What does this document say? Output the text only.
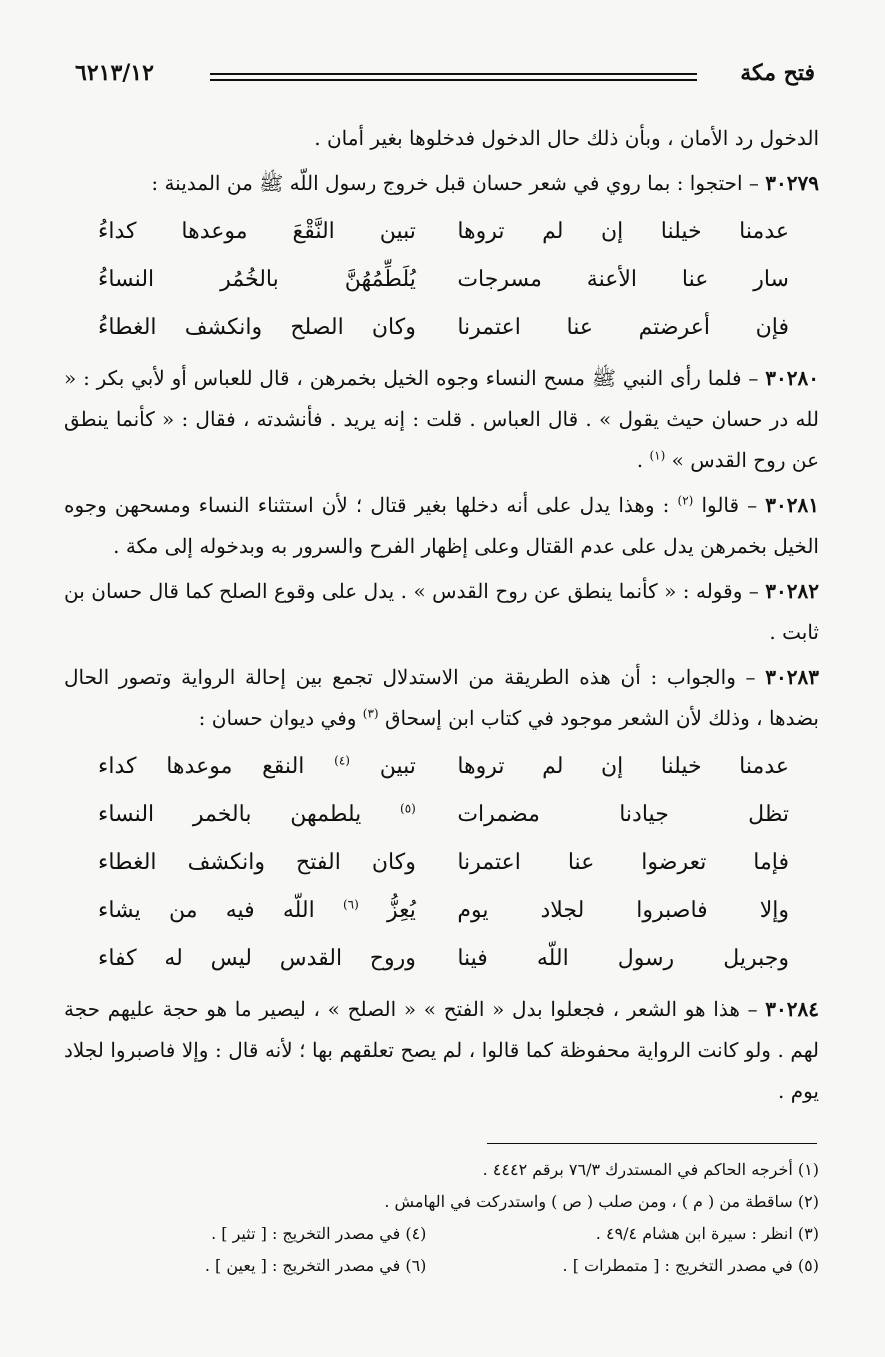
فتح مكة
٦٢١٣/١٢

الدخول رد الأمان ، وبأن ذلك حال الدخول فدخلوها بغير أمان .

٣٠٢٧٩ – احتجوا : بما روي في شعر حسان قبل خروج رسول اللّه ﷺ من المدينة :

عدمنا خيلنا إن لم تروها
تبين النَّقْعَ موعدها كداءُ
سار عنا الأعنة مسرجات
يُلَطِّمُهُنَّ بالخُمُر النساءُ
فإن أعرضتم عنا اعتمرنا
وكان الصلح وانكشف الغطاءُ

٣٠٢٨٠ – فلما رأى النبي ﷺ مسح النساء وجوه الخيل بخمرهن ، قال للعباس أو لأبي بكر : « لله در حسان حيث يقول » . قال العباس . قلت : إنه يريد . فأنشدته ، فقال : « كأنما ينطق عن روح القدس » $^{(١)}$ .

٣٠٢٨١ – قالوا $^{(٢)}$ : وهذا يدل على أنه دخلها بغير قتال ؛ لأن استثناء النساء ومسحهن وجوه الخيل بخمرهن يدل على عدم القتال وعلى إظهار الفرح والسرور به وبدخوله إلى مكة .

٣٠٢٨٢ – وقوله : « كأنما ينطق عن روح القدس » . يدل على وقوع الصلح كما قال حسان بن ثابت .

٣٠٢٨٣ – والجواب : أن هذه الطريقة من الاستدلال تجمع بين إحالة الرواية وتصور الحال بضدها ، وذلك لأن الشعر موجود في كتاب ابن إسحاق $^{(٣)}$ وفي ديوان حسان :

عدمنا خيلنا إن لم تروها
تبين $^{(٤)}$ النقع موعدها كداء
تظل جيادنا مضمرات
$^{(٥)}$ يلطمهن بالخمر النساء
فإما تعرضوا عنا اعتمرنا
وكان الفتح وانكشف الغطاء
وإلا فاصبروا لجلاد يوم
يُعِزُّ $^{(٦)}$ اللّه فيه من يشاء
وجبريل رسول اللّه فينا
وروح القدس ليس له كفاء

٣٠٢٨٤ – هذا هو الشعر ، فجعلوا بدل « الفتح » « الصلح » ، ليصير ما هو حجة عليهم حجة لهم . ولو كانت الرواية محفوظة كما قالوا ، لم يصح تعلقهم بها ؛ لأنه قال : وإلا فاصبروا لجلاد يوم .

(١) أخرجه الحاكم في المستدرك ٧٦/٣ برقم ٤٤٤٢ .
(٢) ساقطة من ( م ) ، ومن صلب ( ص ) واستدركت في الهامش .
(٣) انظر : سيرة ابن هشام ٤٩/٤ .
(٤) في مصدر التخريج : [ تثير ] .
(٥) في مصدر التخريج : [ متمطرات ] .
(٦) في مصدر التخريج : [ يعين ] .
